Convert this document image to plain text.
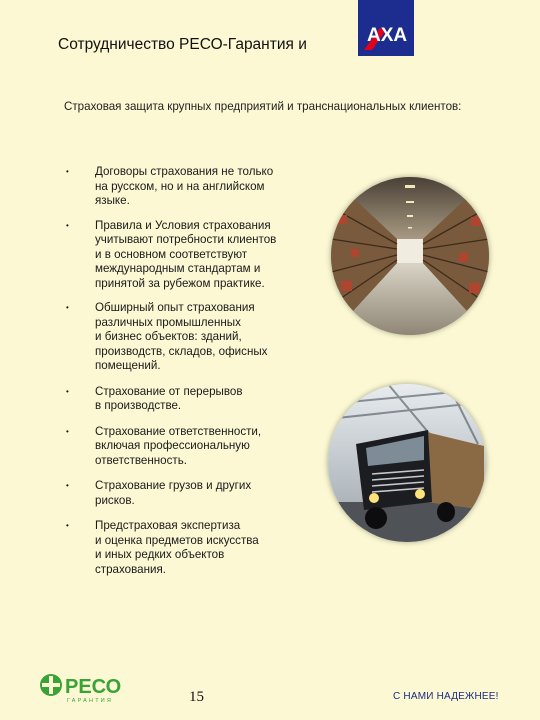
Сотрудничество РЕСО-Гарантия и	AXA
Страховая защита крупных предприятий и транснациональных клиентов:
•	Договоры страхования не только
на русском, но и на английском
языке.
•	Правила и Условия страхования
учитывают потребности клиентов
и в основном соответствуют
международным стандартам и
принятой за рубежом практике.
•	Обширный опыт страхования
различных промышленных
и бизнес объектов: зданий,
производств, складов, офисных
помещений.
•	Страхование от перерывов
в производстве.
•	Страхование ответственности,
включая профессиональную
ответственность.
•	Страхование грузов и других
рисков.
•	Предстраховая экспертиза
и оценка предметов искусства
и иных редких объектов
страхования.
РЕСО
ГАРАНТИЯ	15	С НАМИ НАДЕЖНЕЕ!
